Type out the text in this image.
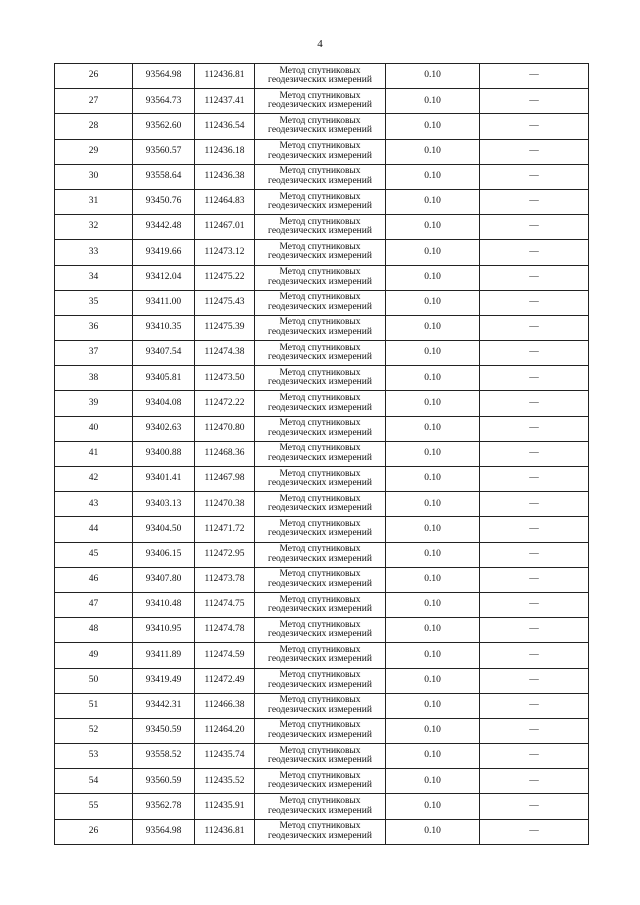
4
26	93564.98	112436.81	Метод спутниковых геодезических измерений	0.10	—
27	93564.73	112437.41	Метод спутниковых геодезических измерений	0.10	—
28	93562.60	112436.54	Метод спутниковых геодезических измерений	0.10	—
29	93560.57	112436.18	Метод спутниковых геодезических измерений	0.10	—
30	93558.64	112436.38	Метод спутниковых геодезических измерений	0.10	—
31	93450.76	112464.83	Метод спутниковых геодезических измерений	0.10	—
32	93442.48	112467.01	Метод спутниковых геодезических измерений	0.10	—
33	93419.66	112473.12	Метод спутниковых геодезических измерений	0.10	—
34	93412.04	112475.22	Метод спутниковых геодезических измерений	0.10	—
35	93411.00	112475.43	Метод спутниковых геодезических измерений	0.10	—
36	93410.35	112475.39	Метод спутниковых геодезических измерений	0.10	—
37	93407.54	112474.38	Метод спутниковых геодезических измерений	0.10	—
38	93405.81	112473.50	Метод спутниковых геодезических измерений	0.10	—
39	93404.08	112472.22	Метод спутниковых геодезических измерений	0.10	—
40	93402.63	112470.80	Метод спутниковых геодезических измерений	0.10	—
41	93400.88	112468.36	Метод спутниковых геодезических измерений	0.10	—
42	93401.41	112467.98	Метод спутниковых геодезических измерений	0.10	—
43	93403.13	112470.38	Метод спутниковых геодезических измерений	0.10	—
44	93404.50	112471.72	Метод спутниковых геодезических измерений	0.10	—
45	93406.15	112472.95	Метод спутниковых геодезических измерений	0.10	—
46	93407.80	112473.78	Метод спутниковых геодезических измерений	0.10	—
47	93410.48	112474.75	Метод спутниковых геодезических измерений	0.10	—
48	93410.95	112474.78	Метод спутниковых геодезических измерений	0.10	—
49	93411.89	112474.59	Метод спутниковых геодезических измерений	0.10	—
50	93419.49	112472.49	Метод спутниковых геодезических измерений	0.10	—
51	93442.31	112466.38	Метод спутниковых геодезических измерений	0.10	—
52	93450.59	112464.20	Метод спутниковых геодезических измерений	0.10	—
53	93558.52	112435.74	Метод спутниковых геодезических измерений	0.10	—
54	93560.59	112435.52	Метод спутниковых геодезических измерений	0.10	—
55	93562.78	112435.91	Метод спутниковых геодезических измерений	0.10	—
26	93564.98	112436.81	Метод спутниковых геодезических измерений	0.10	—
